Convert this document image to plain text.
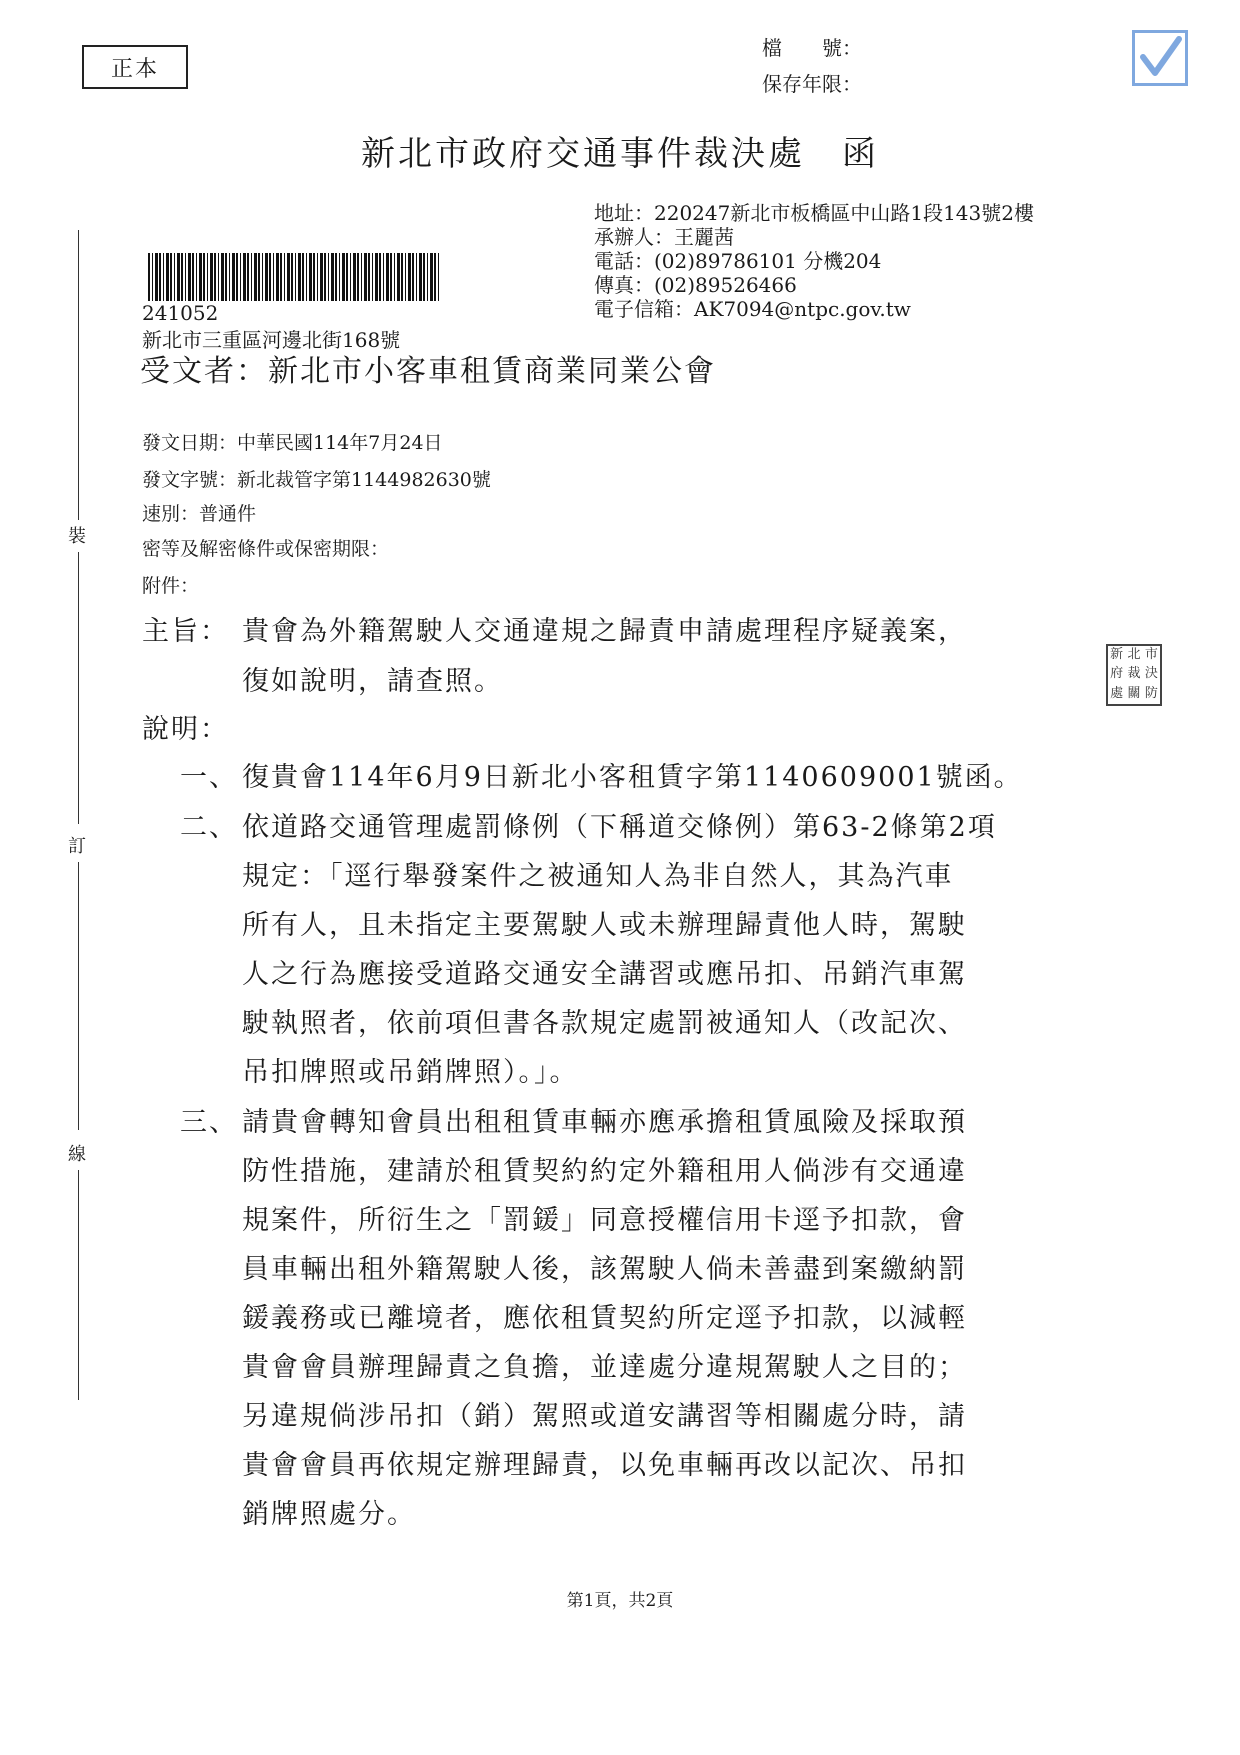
正本
檔　　號：
保存年限：
新北市政府交通事件裁決處　函
地址：220247新北市板橋區中山路1段143號2樓
承辦人：王麗茜
電話：(02)89786101 分機204
傳真：(02)89526466
電子信箱：AK7094@ntpc.gov.tw
241052
新北市三重區河邊北街168號
受文者：新北市小客車租賃商業同業公會
發文日期：中華民國114年7月24日
發文字號：新北裁管字第1144982630號
速別：普通件
密等及解密條件或保密期限：
附件：
裝
訂
線
新 北 市
府 裁 決
處 關 防
主旨： 貴會為外籍駕駛人交通違規之歸責申請處理程序疑義案，
復如說明，請查照。
說明：
一、 復貴會114年6月9日新北小客租賃字第1140609001號函。
二、 依道路交通管理處罰條例（下稱道交條例）第63-2條第2項
規定：「逕行舉發案件之被通知人為非自然人，其為汽車
所有人，且未指定主要駕駛人或未辦理歸責他人時，駕駛
人之行為應接受道路交通安全講習或應吊扣、吊銷汽車駕
駛執照者，依前項但書各款規定處罰被通知人（改記次、
吊扣牌照或吊銷牌照）。」。
三、 請貴會轉知會員出租租賃車輛亦應承擔租賃風險及採取預
防性措施，建請於租賃契約約定外籍租用人倘涉有交通違
規案件，所衍生之「罰鍰」同意授權信用卡逕予扣款，會
員車輛出租外籍駕駛人後，該駕駛人倘未善盡到案繳納罰
鍰義務或已離境者，應依租賃契約所定逕予扣款，以減輕
貴會會員辦理歸責之負擔，並達處分違規駕駛人之目的；
另違規倘涉吊扣（銷）駕照或道安講習等相關處分時，請
貴會會員再依規定辦理歸責，以免車輛再改以記次、吊扣
銷牌照處分。
第1頁，共2頁
